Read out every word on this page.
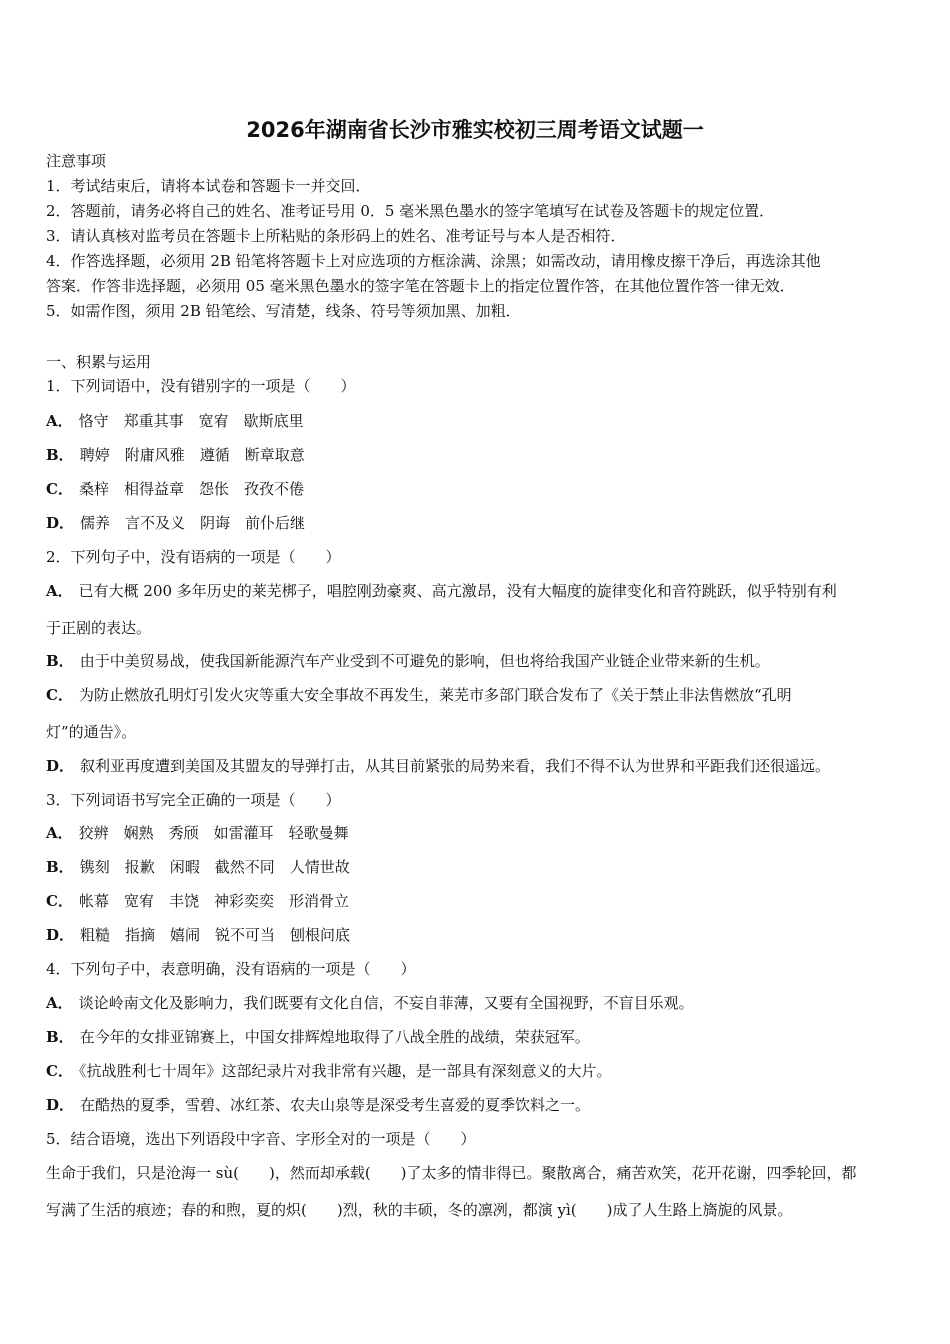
2026年湖南省长沙市雅实校初三周考语文试题一
注意事项
1．考试结束后，请将本试卷和答题卡一并交回．
2．答题前，请务必将自己的姓名、准考证号用 0．5 毫米黑色墨水的签字笔填写在试卷及答题卡的规定位置．
3．请认真核对监考员在答题卡上所粘贴的条形码上的姓名、准考证号与本人是否相符．
4．作答选择题，必须用 2B 铅笔将答题卡上对应选项的方框涂满、涂黑；如需改动，请用橡皮擦干净后，再选涂其他
答案．作答非选择题，必须用 05 毫米黑色墨水的签字笔在答题卡上的指定位置作答，在其他位置作答一律无效．
5．如需作图，须用 2B 铅笔绘、写清楚，线条、符号等须加黑、加粗．
一、积累与运用
1．下列词语中，没有错别字的一项是（　　）
A． 恪守　郑重其事　宽宥　歇斯底里
B． 聘婷　附庸风雅　遵循　断章取意
C． 桑梓　相得益章　怨伥　孜孜不倦
D． 儒养　言不及义　阴诲　前仆后继
2．下列句子中，没有语病的一项是（　　）
A． 已有大概 200 多年历史的莱芜梆子，唱腔刚劲豪爽、高亢激昂，没有大幅度的旋律变化和音符跳跃，似乎特别有利
于正剧的表达。
B． 由于中美贸易战，使我国新能源汽车产业受到不可避免的影响，但也将给我国产业链企业带来新的生机。
C． 为防止燃放孔明灯引发火灾等重大安全事故不再发生，莱芜市多部门联合发布了《关于禁止非法售燃放“孔明
灯”的通告》。
D． 叙利亚再度遭到美国及其盟友的导弹打击，从其目前紧张的局势来看，我们不得不认为世界和平距我们还很遥远。
3．下列词语书写完全正确的一项是（　　）
A． 狡辨　娴熟　秀颀　如雷灌耳　轻歌曼舞
B． 镌刻　报歉　闲暇　截然不同　人情世故
C． 帐幕　宽宥　丰饶　神彩奕奕　形消骨立
D． 粗糙　指摘　嬉闹　锐不可当　刨根问底
4．下列句子中，表意明确，没有语病的一项是（　　）
A． 谈论岭南文化及影响力，我们既要有文化自信，不妄自菲薄，又要有全国视野，不盲目乐观。
B． 在今年的女排亚锦赛上，中国女排辉煌地取得了八战全胜的战绩，荣获冠军。
C． 《抗战胜利七十周年》这部纪录片对我非常有兴趣，是一部具有深刻意义的大片。
D． 在酷热的夏季，雪碧、冰红茶、农夫山泉等是深受考生喜爱的夏季饮料之一。
5．结合语境，选出下列语段中字音、字形全对的一项是（　　）
生命于我们，只是沧海一 sù(　　)，然而却承载(　　)了太多的情非得已。聚散离合，痛苦欢笑，花开花谢，四季轮回，都
写满了生活的痕迹；春的和煦，夏的炽(　　)烈，秋的丰硕，冬的凛冽，都演 yì(　　)成了人生路上旖旎的风景。
